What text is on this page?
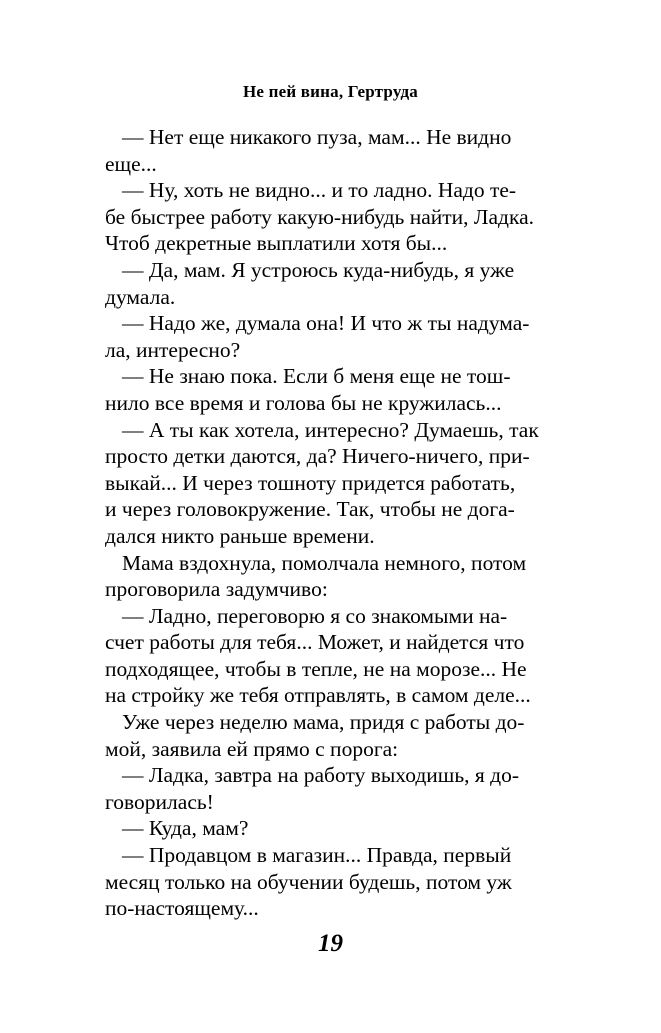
Не пей вина, Гертруда

— Нет еще никакого пуза, мам... Не видно
еще...

— Ну, хоть не видно... и то ладно. Надо те-
бе быстрее работу какую-нибудь найти, Ладка.
Чтоб декретные выплатили хотя бы...

— Да, мам. Я устроюсь куда-нибудь, я уже
думала.

— Надо же, думала она! И что ж ты надума-
ла, интересно?

— Не знаю пока. Если б меня еще не тош-
нило все время и голова бы не кружилась...

— А ты как хотела, интересно? Думаешь, так
просто детки даются, да? Ничего-ничего, при-
выкай... И через тошноту придется работать,
и через головокружение. Так, чтобы не дога-
дался никто раньше времени.

Мама вздохнула, помолчала немного, потом
проговорила задумчиво:

— Ладно, переговорю я со знакомыми на-
счет работы для тебя... Может, и найдется что
подходящее, чтобы в тепле, не на морозе... Не
на стройку же тебя отправлять, в самом деле...

Уже через неделю мама, придя с работы до-
мой, заявила ей прямо с порога:

— Ладка, завтра на работу выходишь, я до-
говорилась!

— Куда, мам?

— Продавцом в магазин... Правда, первый
месяц только на обучении будешь, потом уж
по-настоящему...

19
